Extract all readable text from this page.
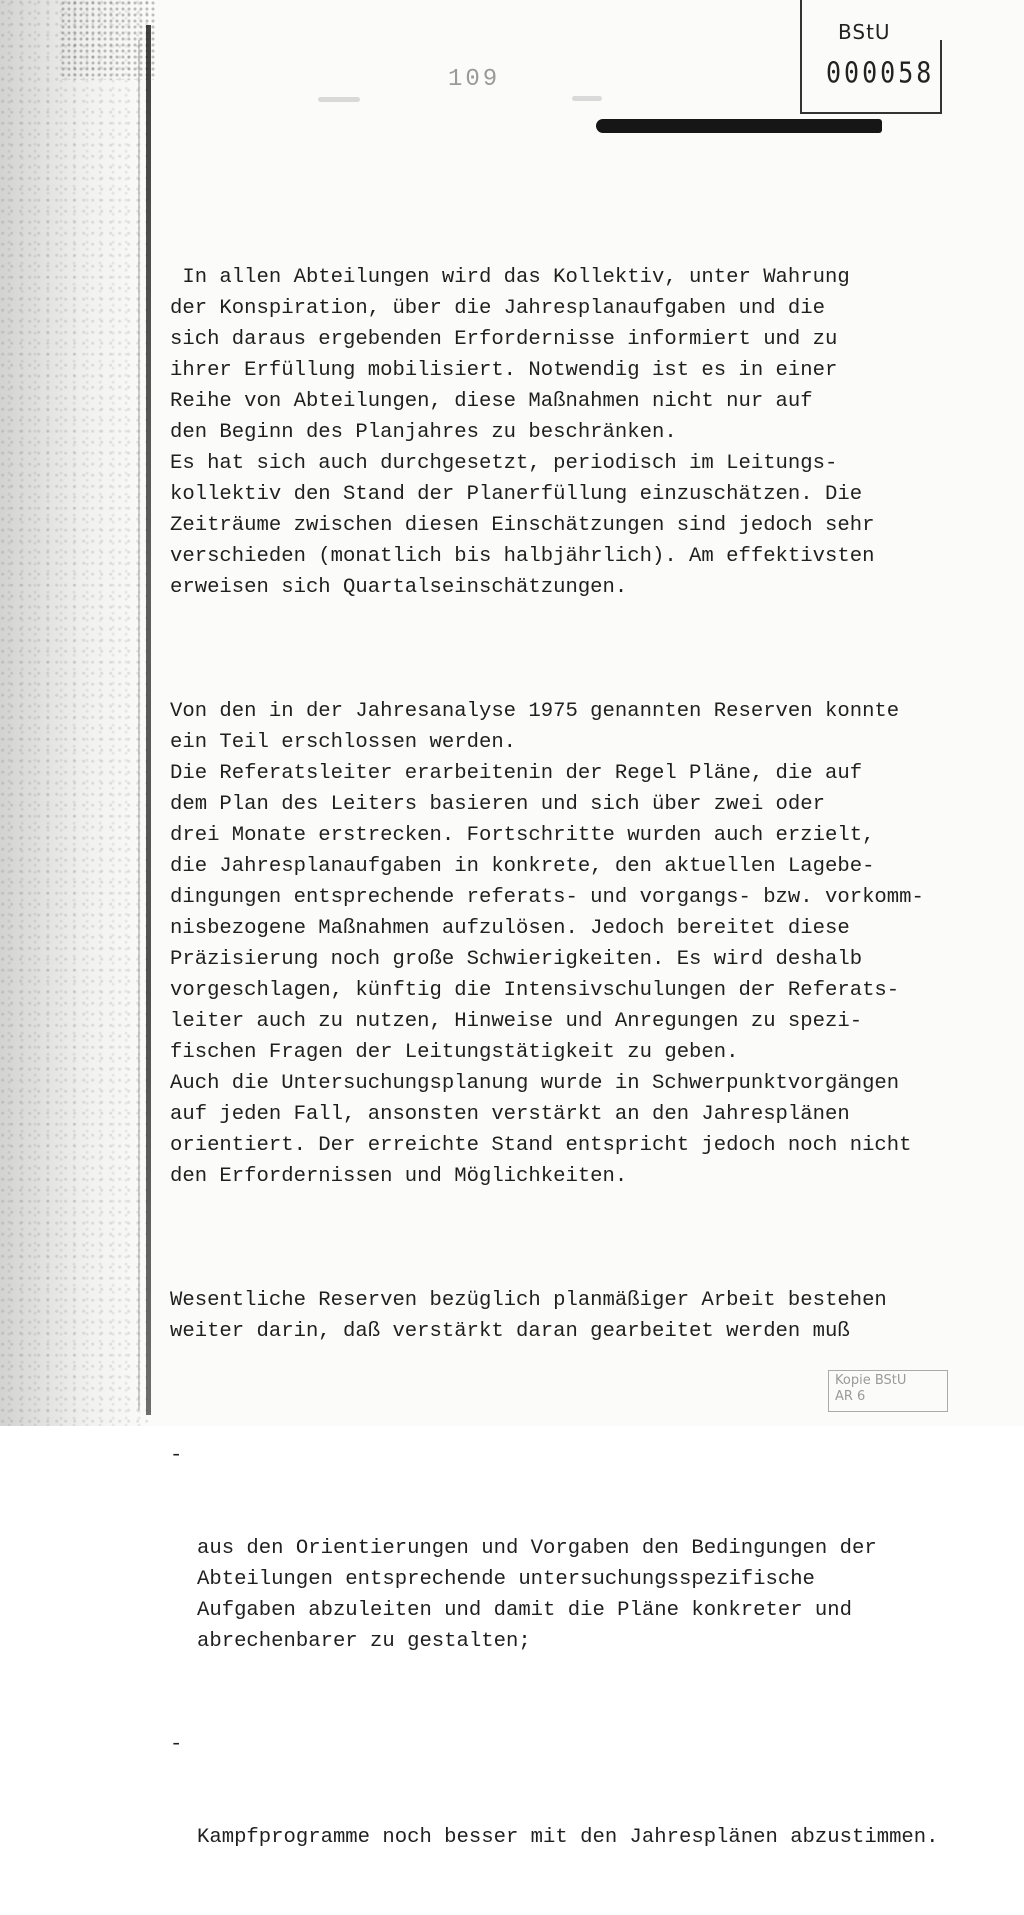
BStU
000058
109

In allen Abteilungen wird das Kollektiv, unter Wahrung
der Konspiration, über die Jahresplanaufgaben und die
sich daraus ergebenden Erfordernisse informiert und zu
ihrer Erfüllung mobilisiert. Notwendig ist es in einer
Reihe von Abteilungen, diese Maßnahmen nicht nur auf
den Beginn des Planjahres zu beschränken.
Es hat sich auch durchgesetzt, periodisch im Leitungs-
kollektiv den Stand der Planerfüllung einzuschätzen. Die
Zeiträume zwischen diesen Einschätzungen sind jedoch sehr
verschieden (monatlich bis halbjährlich). Am effektivsten
erweisen sich Quartalseinschätzungen.

Von den in der Jahresanalyse 1975 genannten Reserven konnte
ein Teil erschlossen werden.
Die Referatsleiter erarbeitenin der Regel Pläne, die auf
dem Plan des Leiters basieren und sich über zwei oder
drei Monate erstrecken. Fortschritte wurden auch erzielt,
die Jahresplanaufgaben in konkrete, den aktuellen Lagebe-
dingungen entsprechende referats- und vorgangs- bzw. vorkomm-
nisbezogene Maßnahmen aufzulösen. Jedoch bereitet diese
Präzisierung noch große Schwierigkeiten. Es wird deshalb
vorgeschlagen, künftig die Intensivschulungen der Referats-
leiter auch zu nutzen, Hinweise und Anregungen zu spezi-
fischen Fragen der Leitungstätigkeit zu geben.
Auch die Untersuchungsplanung wurde in Schwerpunktvorgängen
auf jeden Fall, ansonsten verstärkt an den Jahresplänen
orientiert. Der erreichte Stand entspricht jedoch noch nicht
den Erfordernissen und Möglichkeiten.

Wesentliche Reserven bezüglich planmäßiger Arbeit bestehen
weiter darin, daß verstärkt daran gearbeitet werden muß

-

aus den Orientierungen und Vorgaben den Bedingungen der
Abteilungen entsprechende untersuchungsspezifische
Aufgaben abzuleiten und damit die Pläne konkreter und
abrechenbarer zu gestalten;

-

Kampfprogramme noch besser mit den Jahresplänen abzustimmen.

Kopie BStU
AR 6
